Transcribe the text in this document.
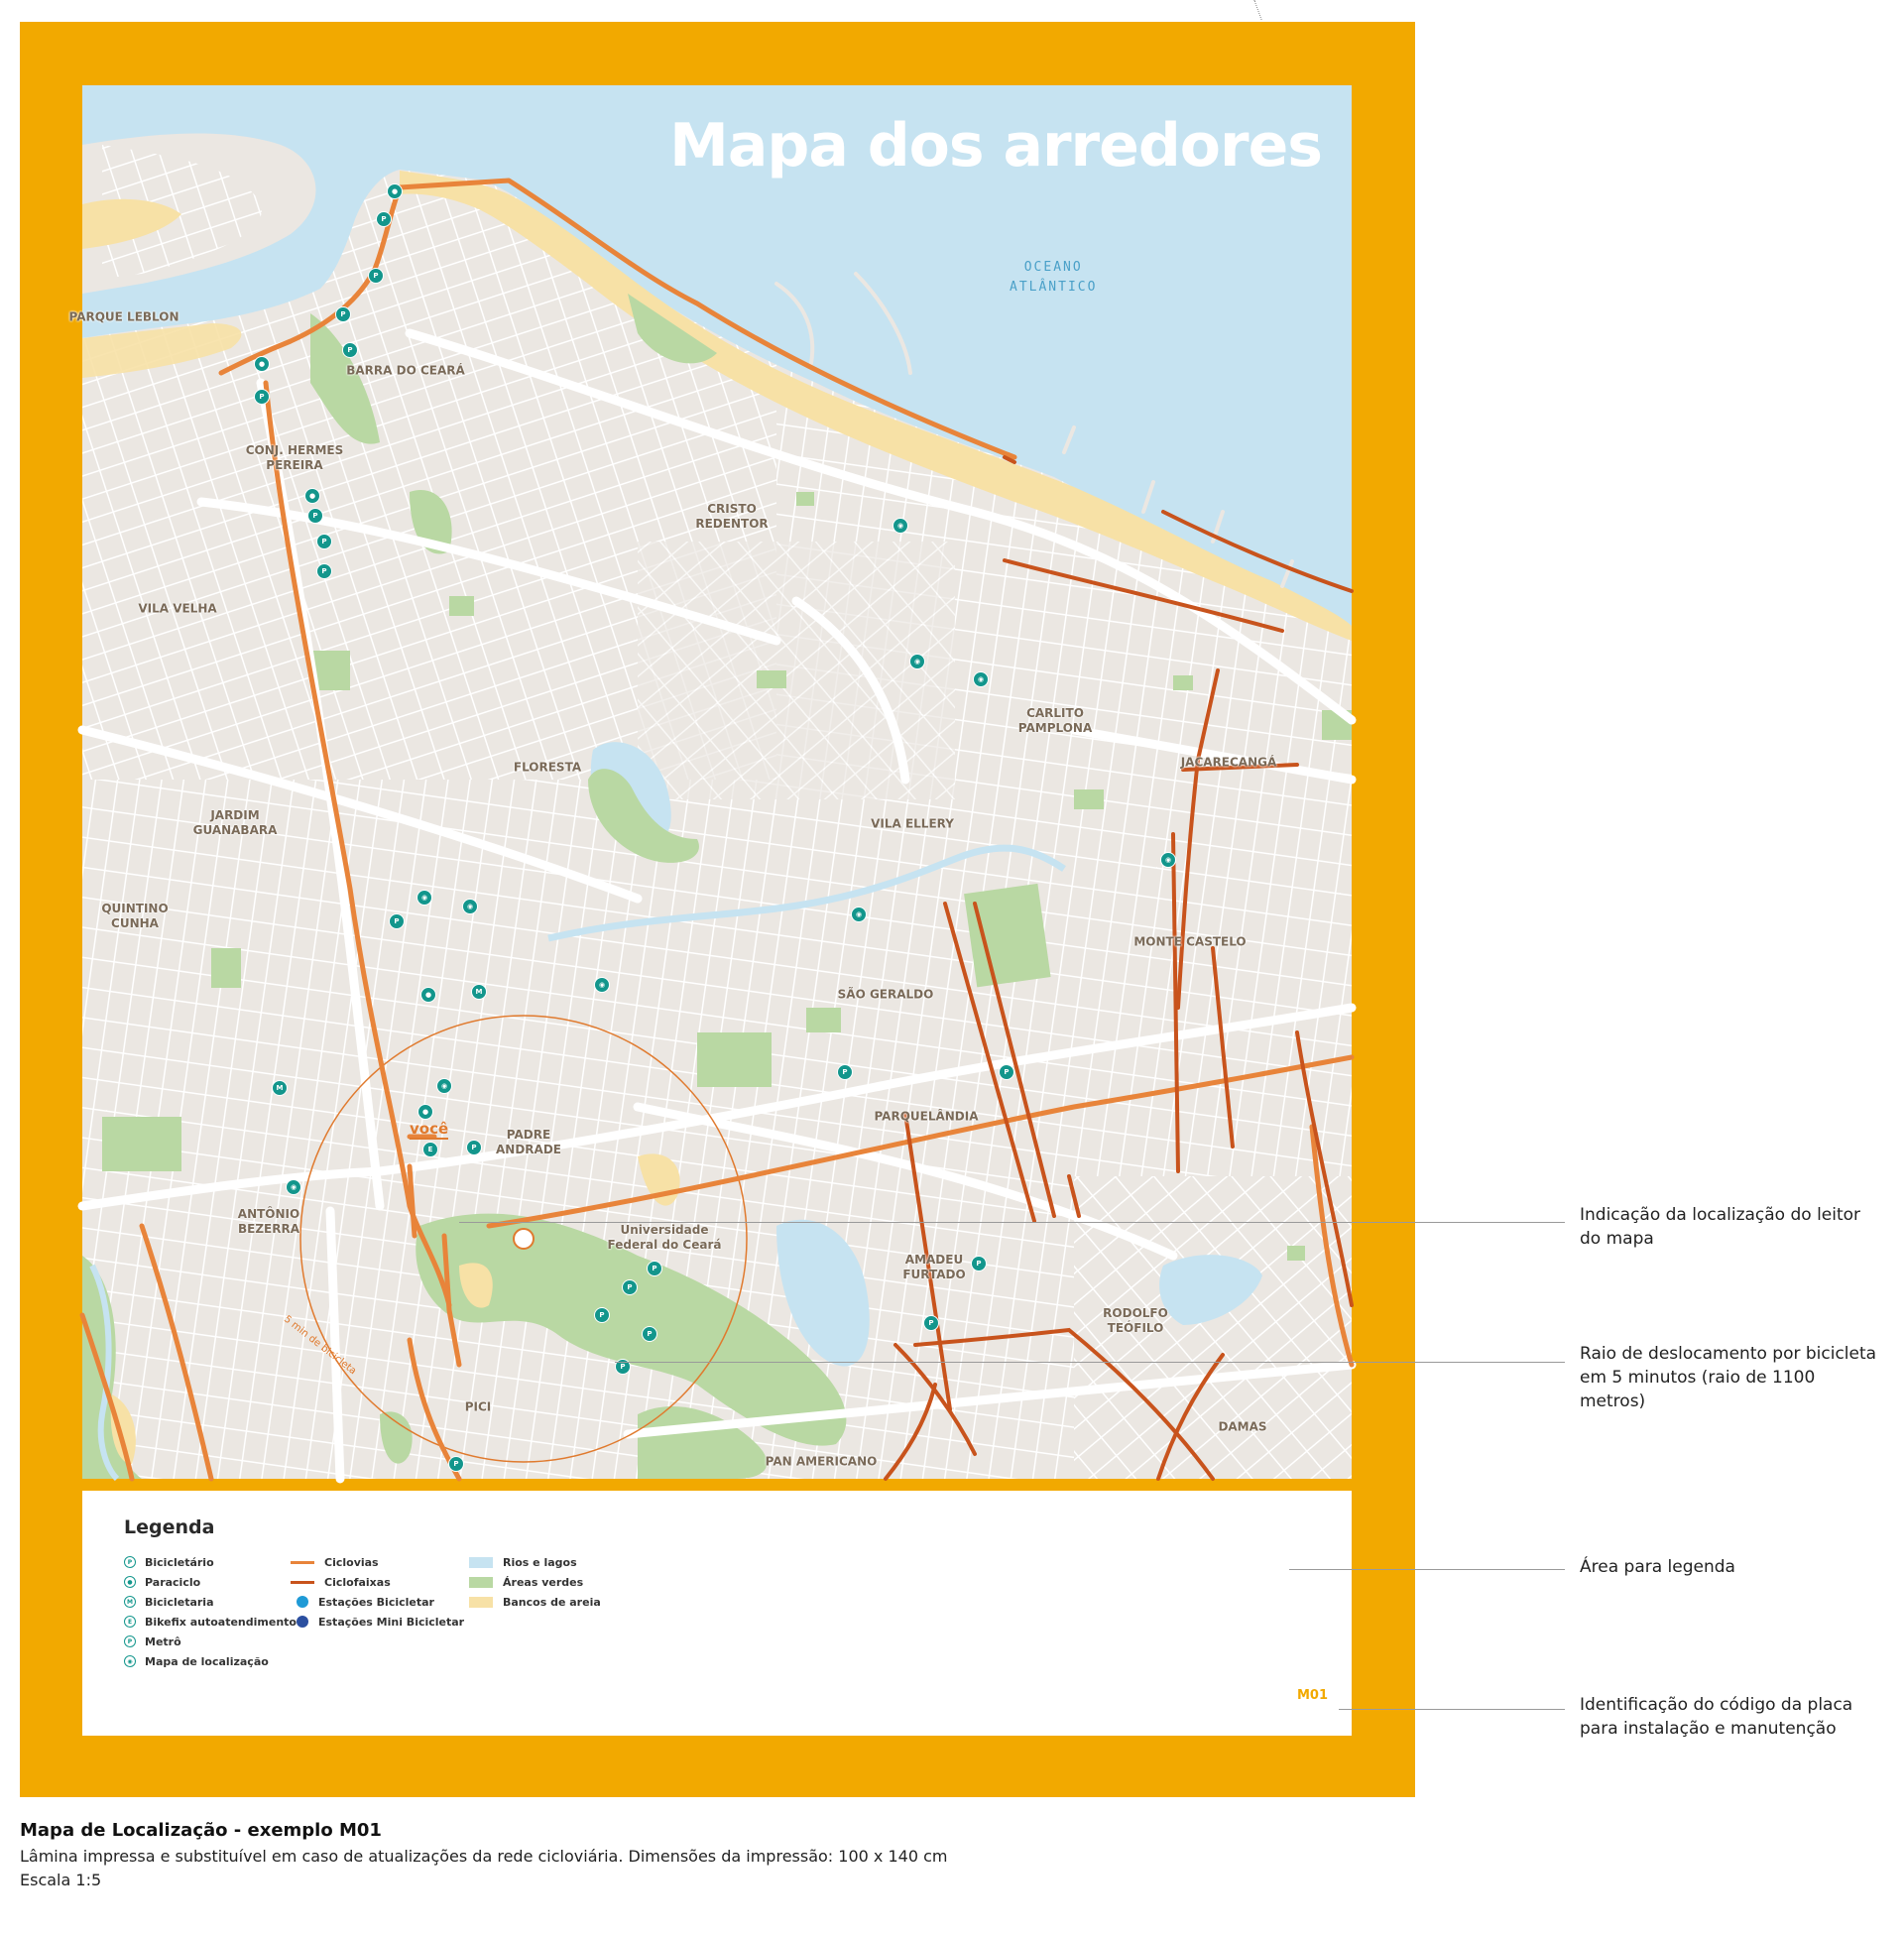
Mapa dos arredores
OCEANO
ATLÂNTICO
PARQUE LEBLON
BARRA DO CEARÁ
CONJ. HERMES
PEREIRA
CRISTO
REDENTOR
VILA VELHA
CARLITO
PAMPLONA
JACARECANGÁ
FLORESTA
JARDIM
GUANABARA	VILA ELLERY
QUINTINO
CUNHA
MONTE CASTELO
SÃO GERALDO
PARQUELÂNDIA
PADRE
ANDRADE
ANTÔNIO
BEZERRA	Universidade
Federal do Ceará
AMADEU
FURTADO
RODOLFO
TEÓFILO
PICI
DAMAS
PAN AMERICANO
●
P
P
P
P
●
P
●
P
P
P
◉
◉
◉
◉
◉
◉
P
◉
●	M
◉
P
P
M	◉
●
E	P
◉
P
P
P
P
P
P
P
P
você
5 min de bicicleta
Legenda
P	Bicicletário
●	Paraciclo
M Bicicletaria
E	Bikefix autoatendimento
P	Metrô
◉	Mapa de localização
Ciclovias
Ciclofaixas
Estações Bicicletar
Estações Mini Bicicletar
Rios e lagos
Áreas verdes
Bancos de areia
M01
Indicação da localização do leitor do mapa
Raio de deslocamento por bicicleta em 5 minutos (raio de 1100 metros)
Área para legenda
Identificação do código da placa para instalação e manutenção
Mapa de Localização - exemplo M01
Lâmina impressa e substituível em caso de atualizações da rede cicloviária. Dimensões da impressão: 100 x 140 cm
Escala 1:5
